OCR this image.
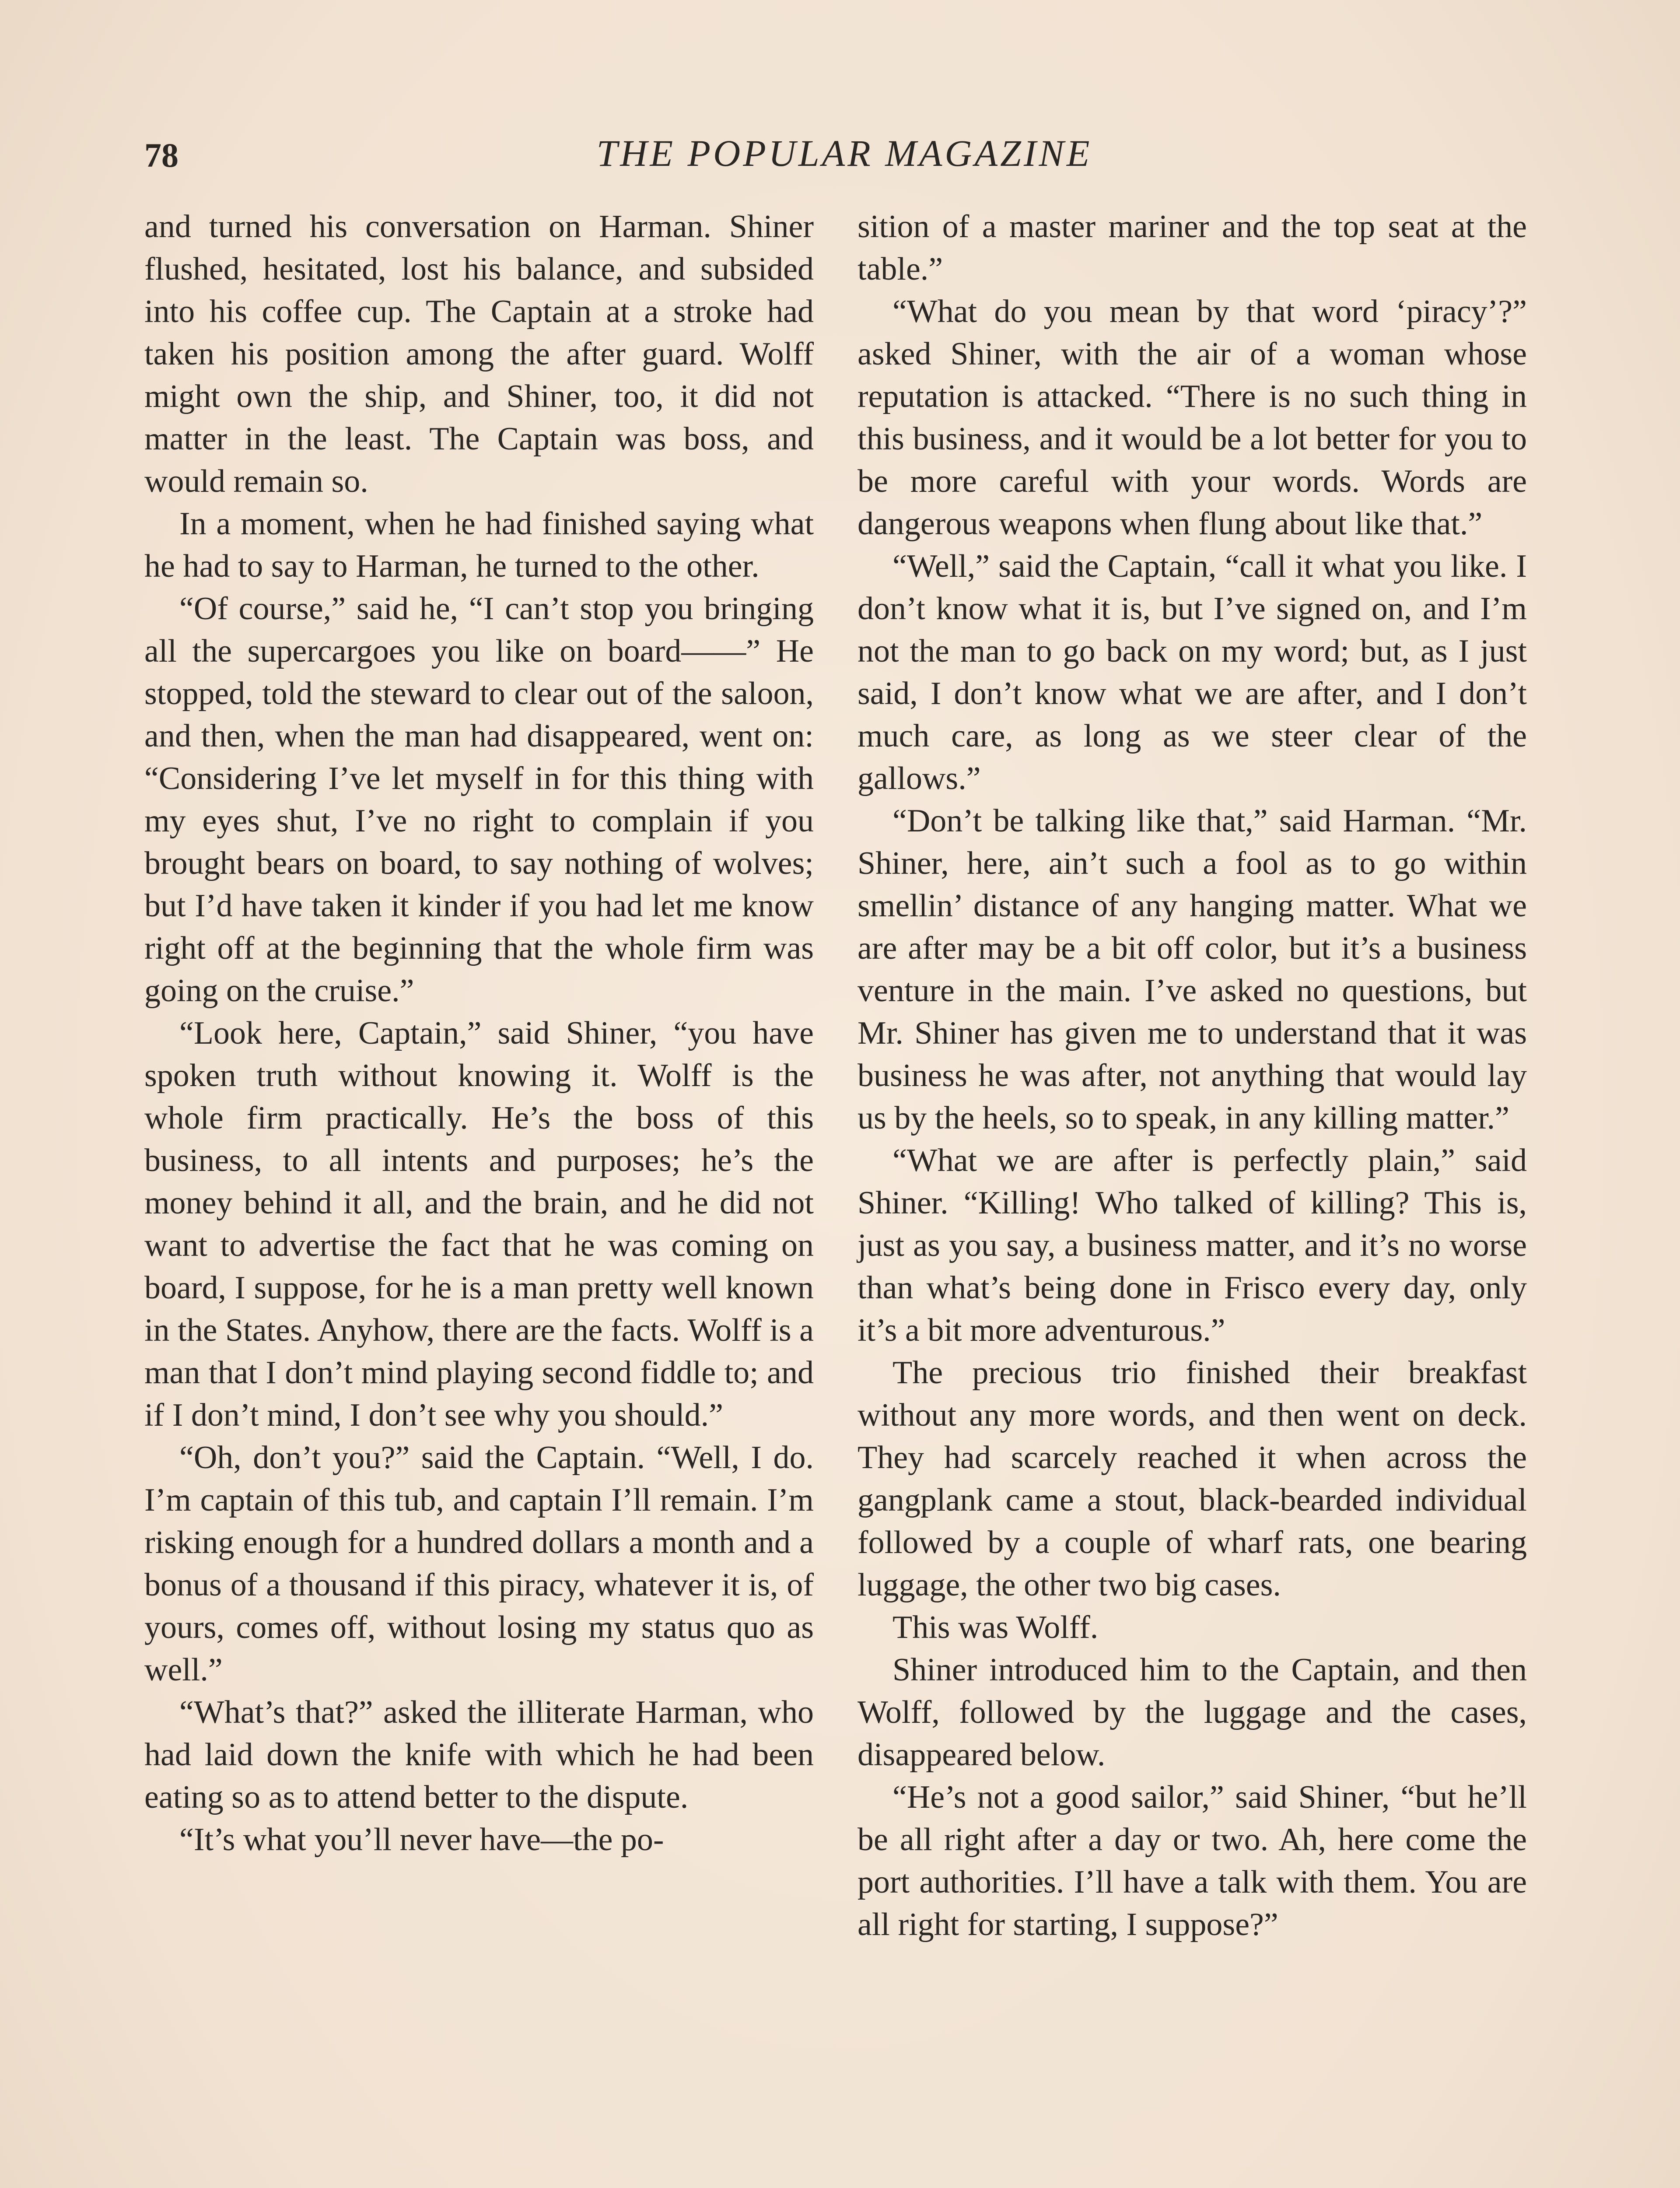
78	THE POPULAR MAGAZINE

and turned his conversation on Harman. Shiner flushed, hesitated, lost his balance, and subsided into his coffee cup. The Captain at a stroke had taken his position among the after guard. Wolff might own the ship, and Shiner, too, it did not matter in the least. The Captain was boss, and would remain so.

In a moment, when he had finished saying what he had to say to Harman, he turned to the other.

“Of course,” said he, “I can’t stop you bringing all the supercargoes you like on board——” He stopped, told the steward to clear out of the saloon, and then, when the man had disappeared, went on: “Considering I’ve let myself in for this thing with my eyes shut, I’ve no right to complain if you brought bears on board, to say nothing of wolves; but I’d have taken it kinder if you had let me know right off at the beginning that the whole firm was going on the cruise.”

“Look here, Captain,” said Shiner, “you have spoken truth without knowing it. Wolff is the whole firm practically. He’s the boss of this business, to all intents and purposes; he’s the money behind it all, and the brain, and he did not want to advertise the fact that he was coming on board, I suppose, for he is a man pretty well known in the States. Anyhow, there are the facts. Wolff is a man that I don’t mind playing second fiddle to; and if I don’t mind, I don’t see why you should.”

“Oh, don’t you?” said the Captain. “Well, I do. I’m captain of this tub, and captain I’ll remain. I’m risking enough for a hundred dollars a month and a bonus of a thousand if this piracy, whatever it is, of yours, comes off, without losing my status quo as well.”

“What’s that?” asked the illiterate Harman, who had laid down the knife with which he had been eating so as to attend better to the dispute.

“It’s what you’ll never have—the po-

sition of a master mariner and the top seat at the table.”

“What do you mean by that word ‘piracy’?” asked Shiner, with the air of a woman whose reputation is attacked. “There is no such thing in this business, and it would be a lot better for you to be more careful with your words. Words are dangerous weapons when flung about like that.”

“Well,” said the Captain, “call it what you like. I don’t know what it is, but I’ve signed on, and I’m not the man to go back on my word; but, as I just said, I don’t know what we are after, and I don’t much care, as long as we steer clear of the gallows.”

“Don’t be talking like that,” said Harman. “Mr. Shiner, here, ain’t such a fool as to go within smellin’ distance of any hanging matter. What we are after may be a bit off color, but it’s a business venture in the main. I’ve asked no questions, but Mr. Shiner has given me to understand that it was business he was after, not anything that would lay us by the heels, so to speak, in any killing matter.”

“What we are after is perfectly plain,” said Shiner. “Killing! Who talked of killing? This is, just as you say, a business matter, and it’s no worse than what’s being done in Frisco every day, only it’s a bit more adventurous.”

The precious trio finished their breakfast without any more words, and then went on deck. They had scarcely reached it when across the gangplank came a stout, black-bearded individual followed by a couple of wharf rats, one bearing luggage, the other two big cases.

This was Wolff.

Shiner introduced him to the Captain, and then Wolff, followed by the luggage and the cases, disappeared below.

“He’s not a good sailor,” said Shiner, “but he’ll be all right after a day or two. Ah, here come the port authorities. I’ll have a talk with them. You are all right for starting, I suppose?”
